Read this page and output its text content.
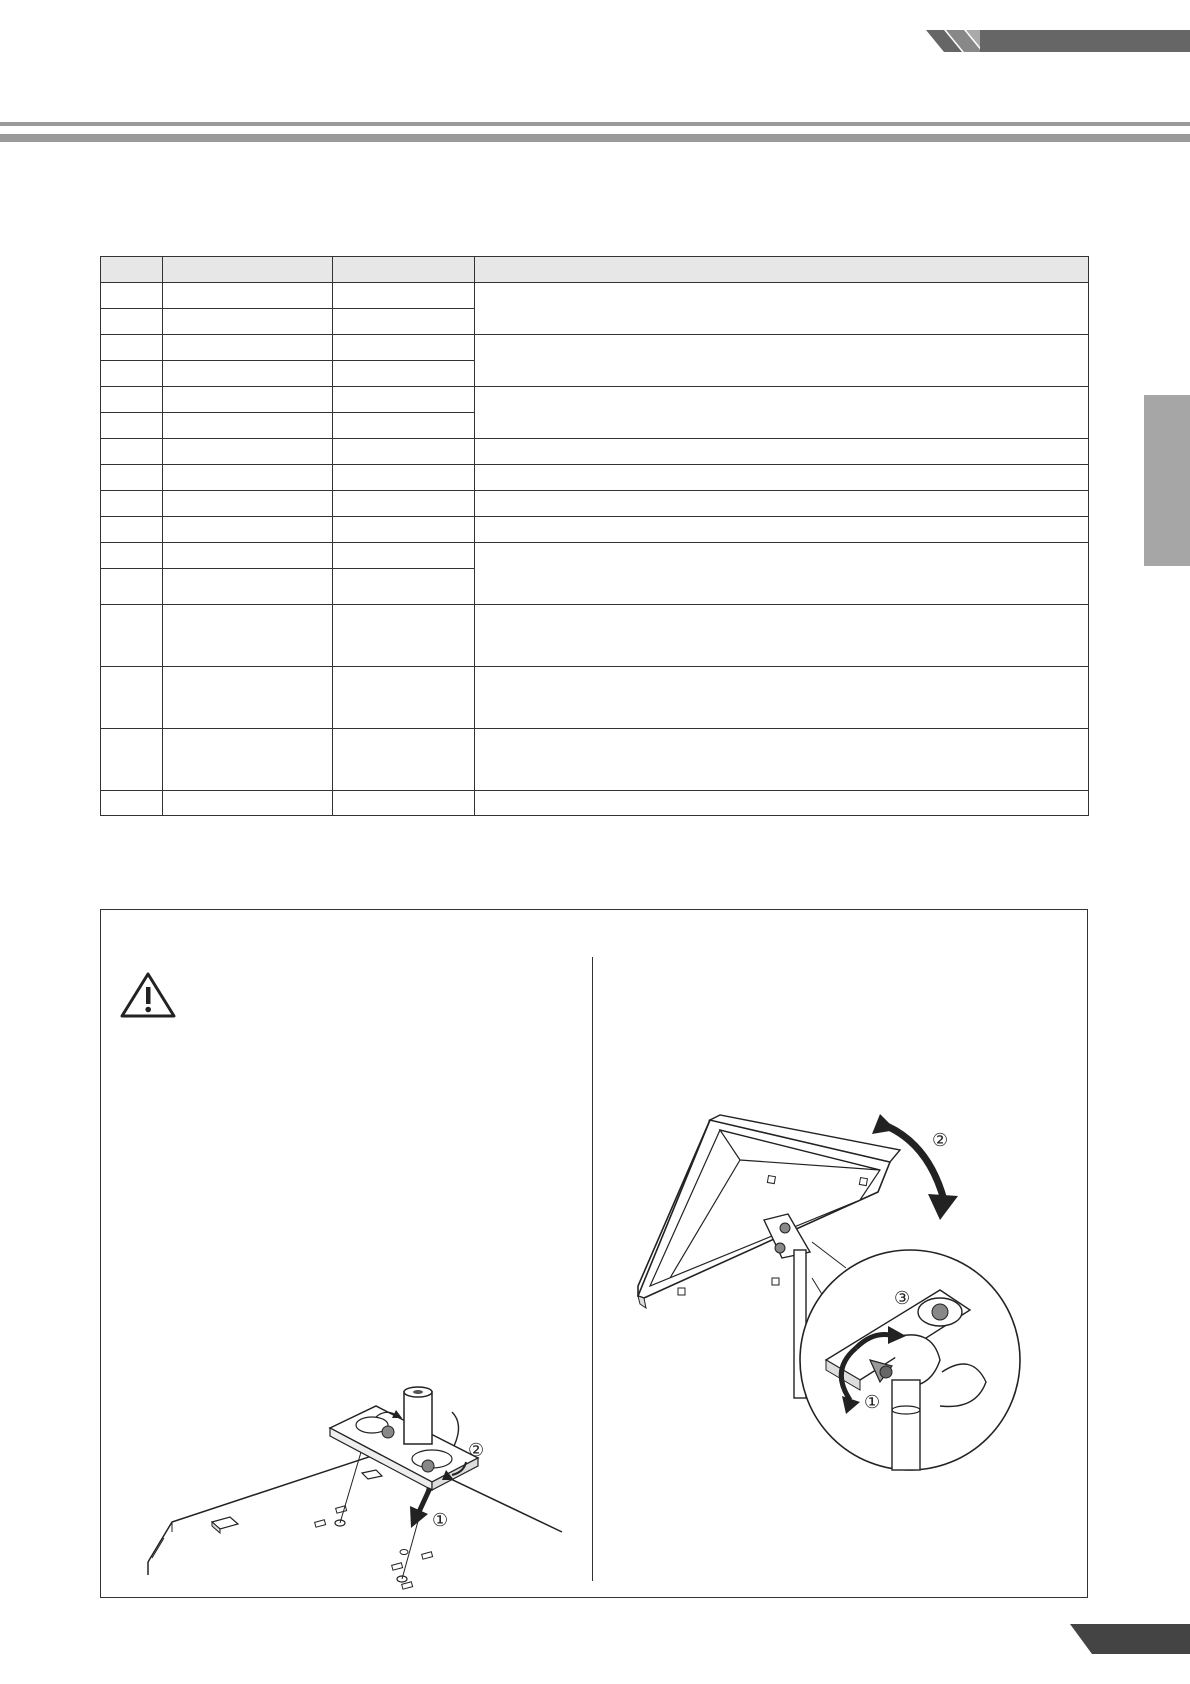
①
②
②
③
①
